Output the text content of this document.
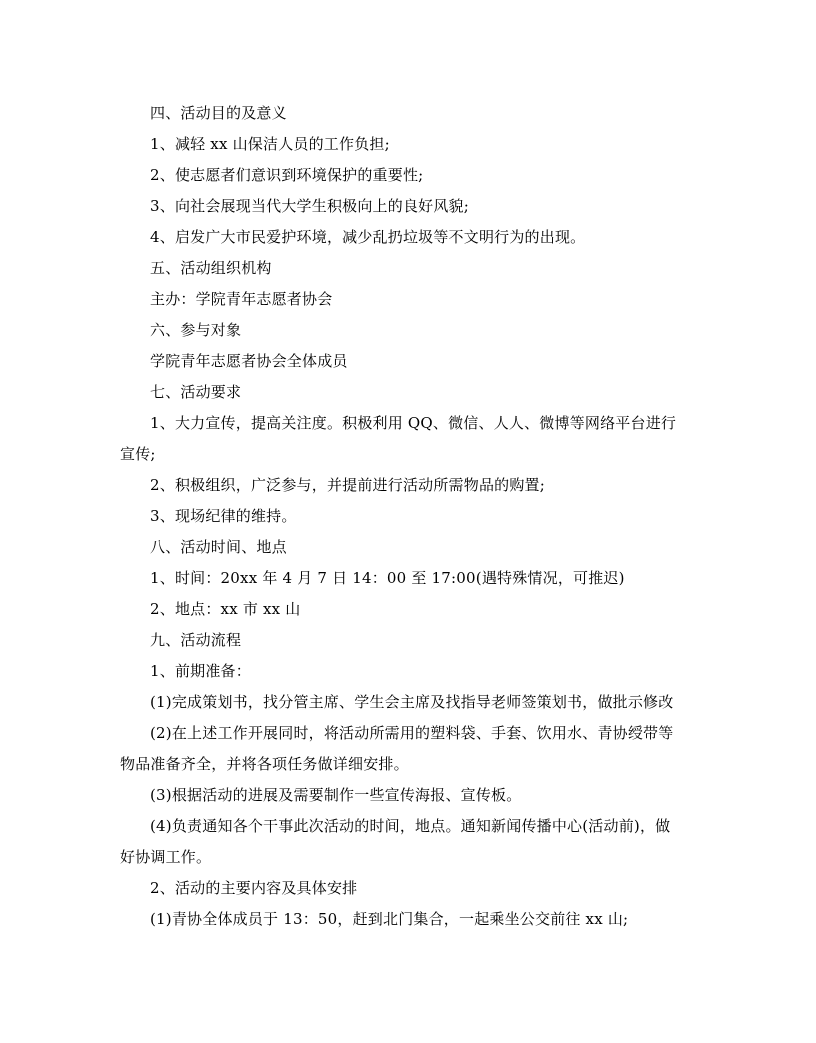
四、活动目的及意义
1、减轻 xx 山保洁人员的工作负担;
2、使志愿者们意识到环境保护的重要性;
3、向社会展现当代大学生积极向上的良好风貌;
4、启发广大市民爱护环境，减少乱扔垃圾等不文明行为的出现。
五、活动组织机构
主办：学院青年志愿者协会
六、参与对象
学院青年志愿者协会全体成员
七、活动要求
1、大力宣传，提高关注度。积极利用 QQ、微信、人人、微博等网络平台进行
宣传;
2、积极组织，广泛参与，并提前进行活动所需物品的购置;
3、现场纪律的维持。
八、活动时间、地点
1、时间：20xx 年 4 月 7 日 14：00 至 17:00(遇特殊情况，可推迟)
2、地点：xx 市 xx 山
九、活动流程
1、前期准备：
(1)完成策划书，找分管主席、学生会主席及找指导老师签策划书，做批示修改
(2)在上述工作开展同时，将活动所需用的塑料袋、手套、饮用水、青协绶带等
物品准备齐全，并将各项任务做详细安排。
(3)根据活动的进展及需要制作一些宣传海报、宣传板。
(4)负责通知各个干事此次活动的时间，地点。通知新闻传播中心(活动前)，做
好协调工作。
2、活动的主要内容及具体安排
(1)青协全体成员于 13：50，赶到北门集合，一起乘坐公交前往 xx 山;
